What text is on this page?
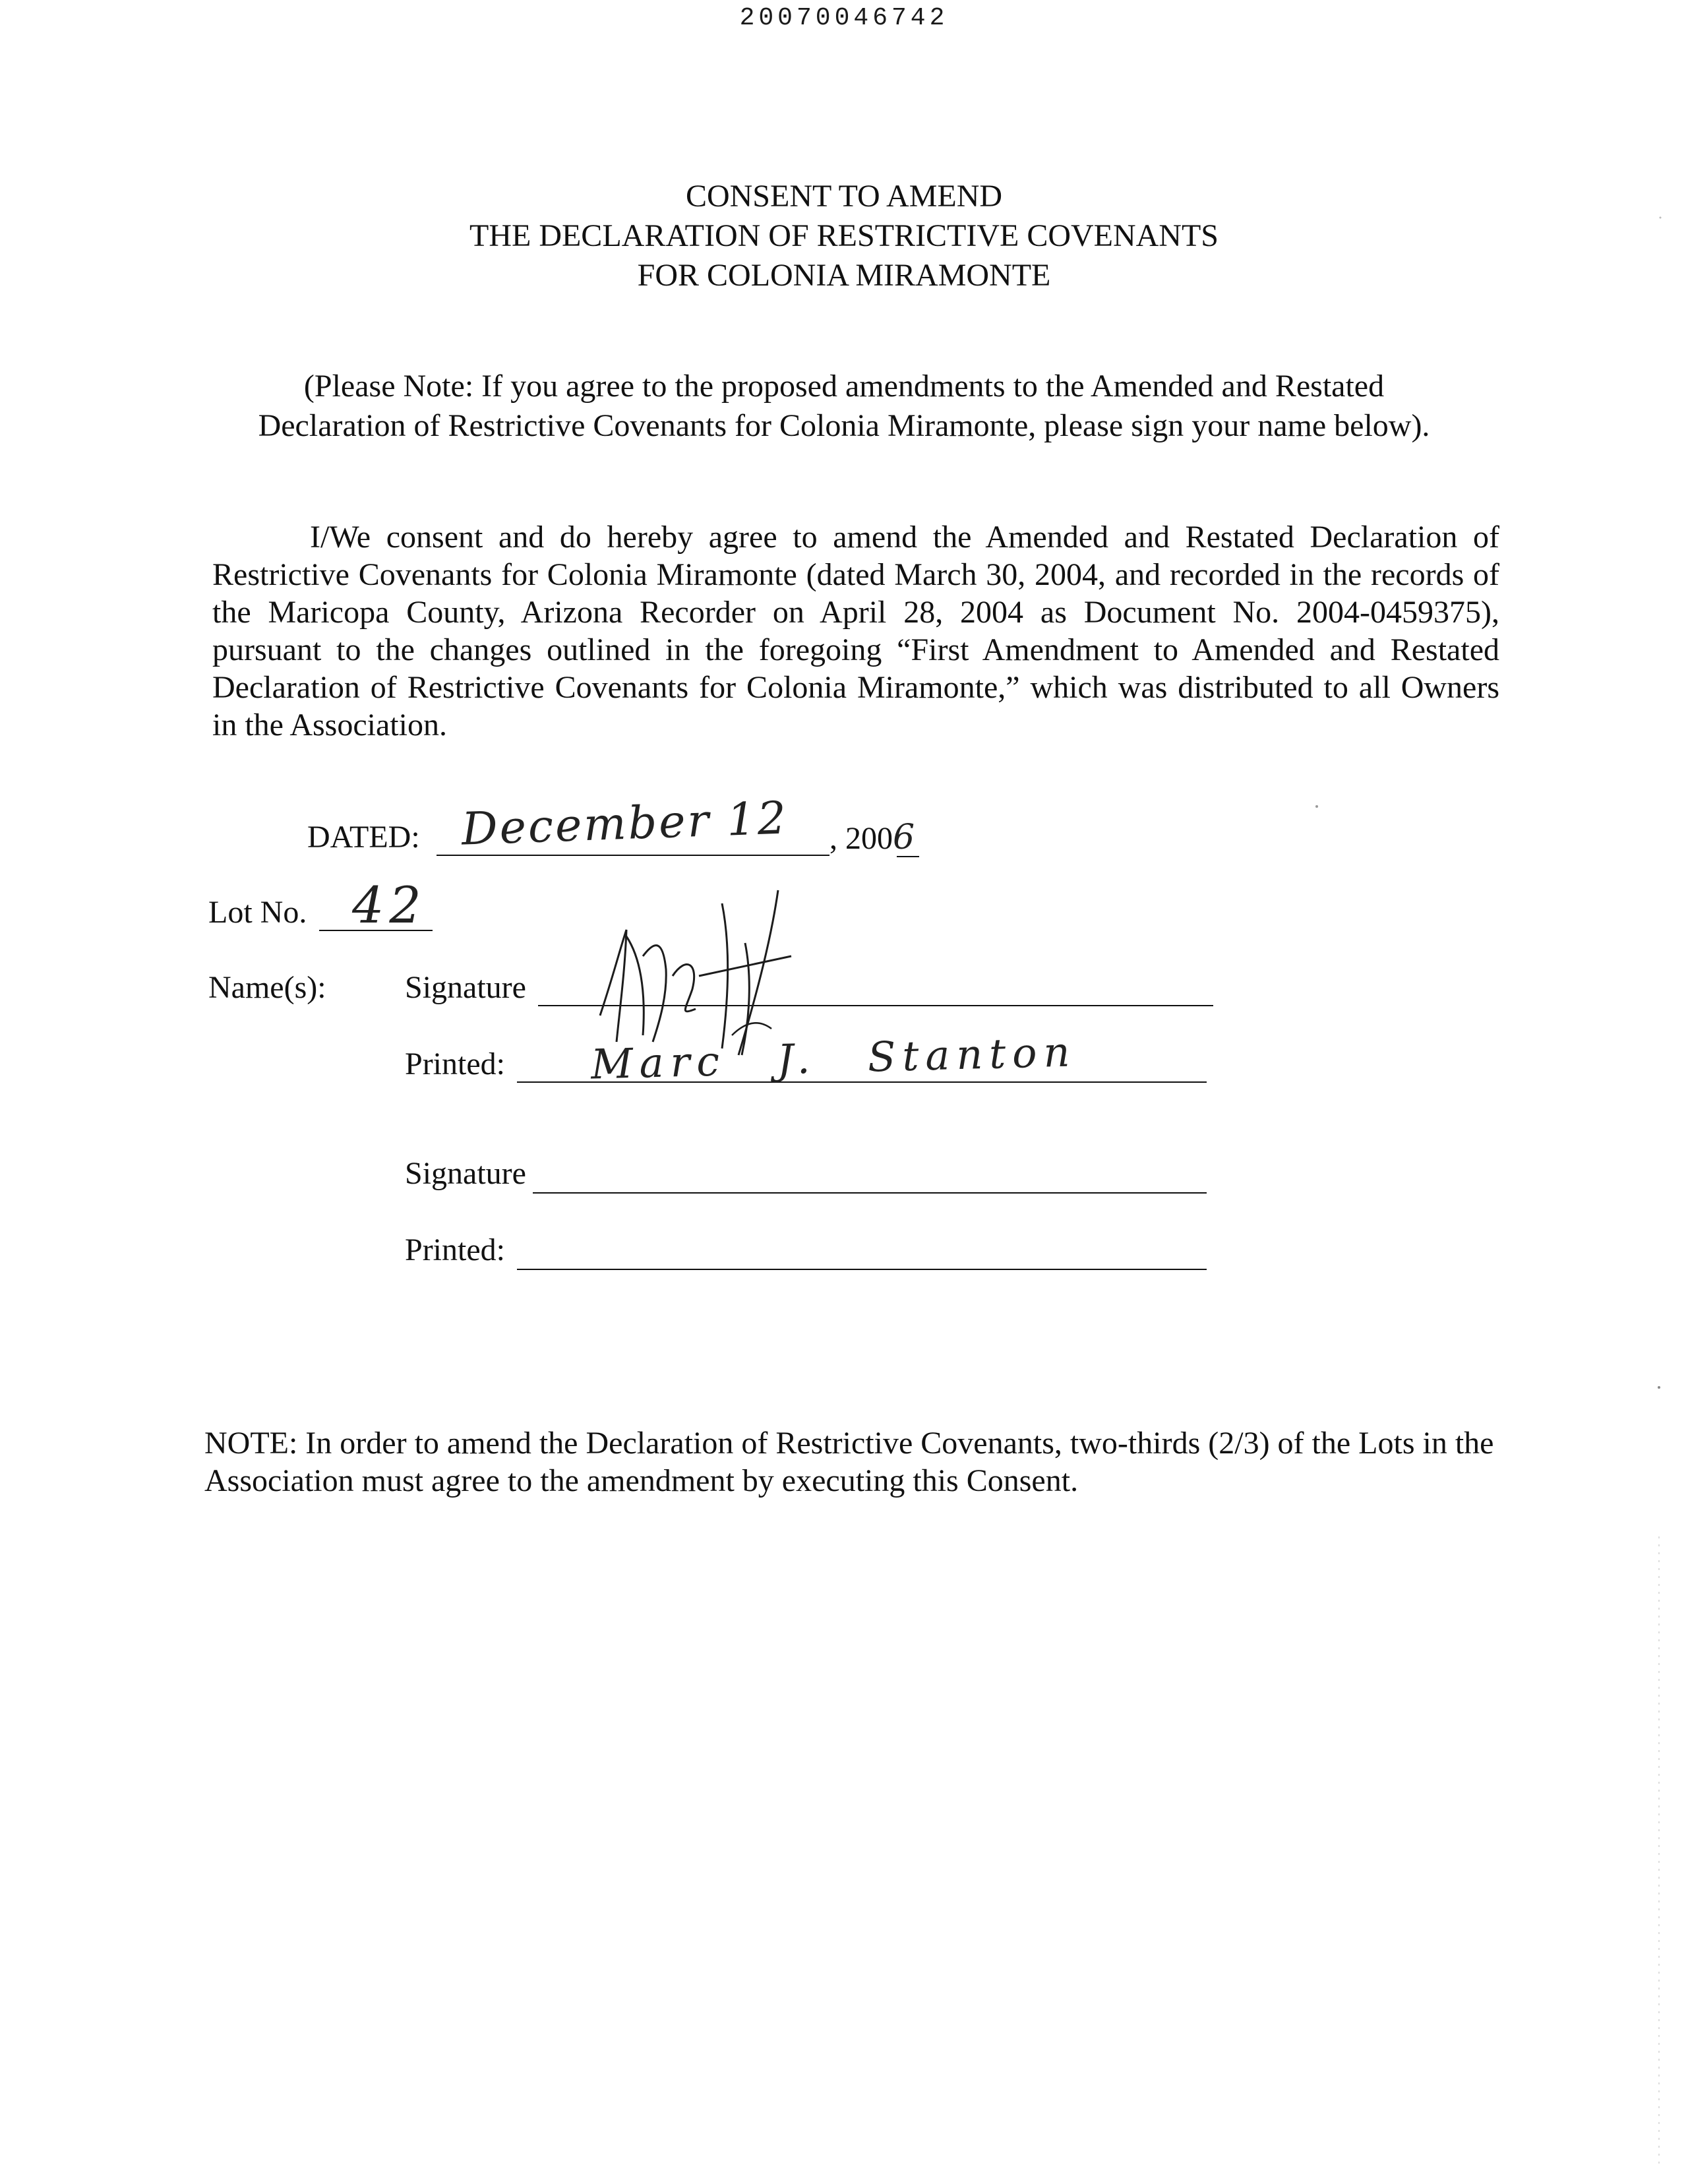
20070046742
CONSENT TO AMEND
THE DECLARATION OF RESTRICTIVE COVENANTS
FOR COLONIA MIRAMONTE
(Please Note: If you agree to the proposed amendments to the Amended and Restated
Declaration of Restrictive Covenants for Colonia Miramonte, please sign your name below).
I/We consent and do hereby agree to amend the Amended and Restated Declaration of Restrictive Covenants for Colonia Miramonte (dated March 30, 2004, and recorded in the records of the Maricopa County, Arizona Recorder on April 28, 2004 as Document No. 2004-0459375), pursuant to the changes outlined in the foregoing “First Amendment to Amended and Restated Declaration of Restrictive Covenants for Colonia Miramonte,” which was distributed to all Owners in the Association.
DATED: December 12 , 2006
Lot No. 42
Name(s): Signature
Printed: Marc J. Stanton
Signature
Printed:
NOTE: In order to amend the Declaration of Restrictive Covenants, two-thirds (2/3) of the Lots in the Association must agree to the amendment by executing this Consent.
